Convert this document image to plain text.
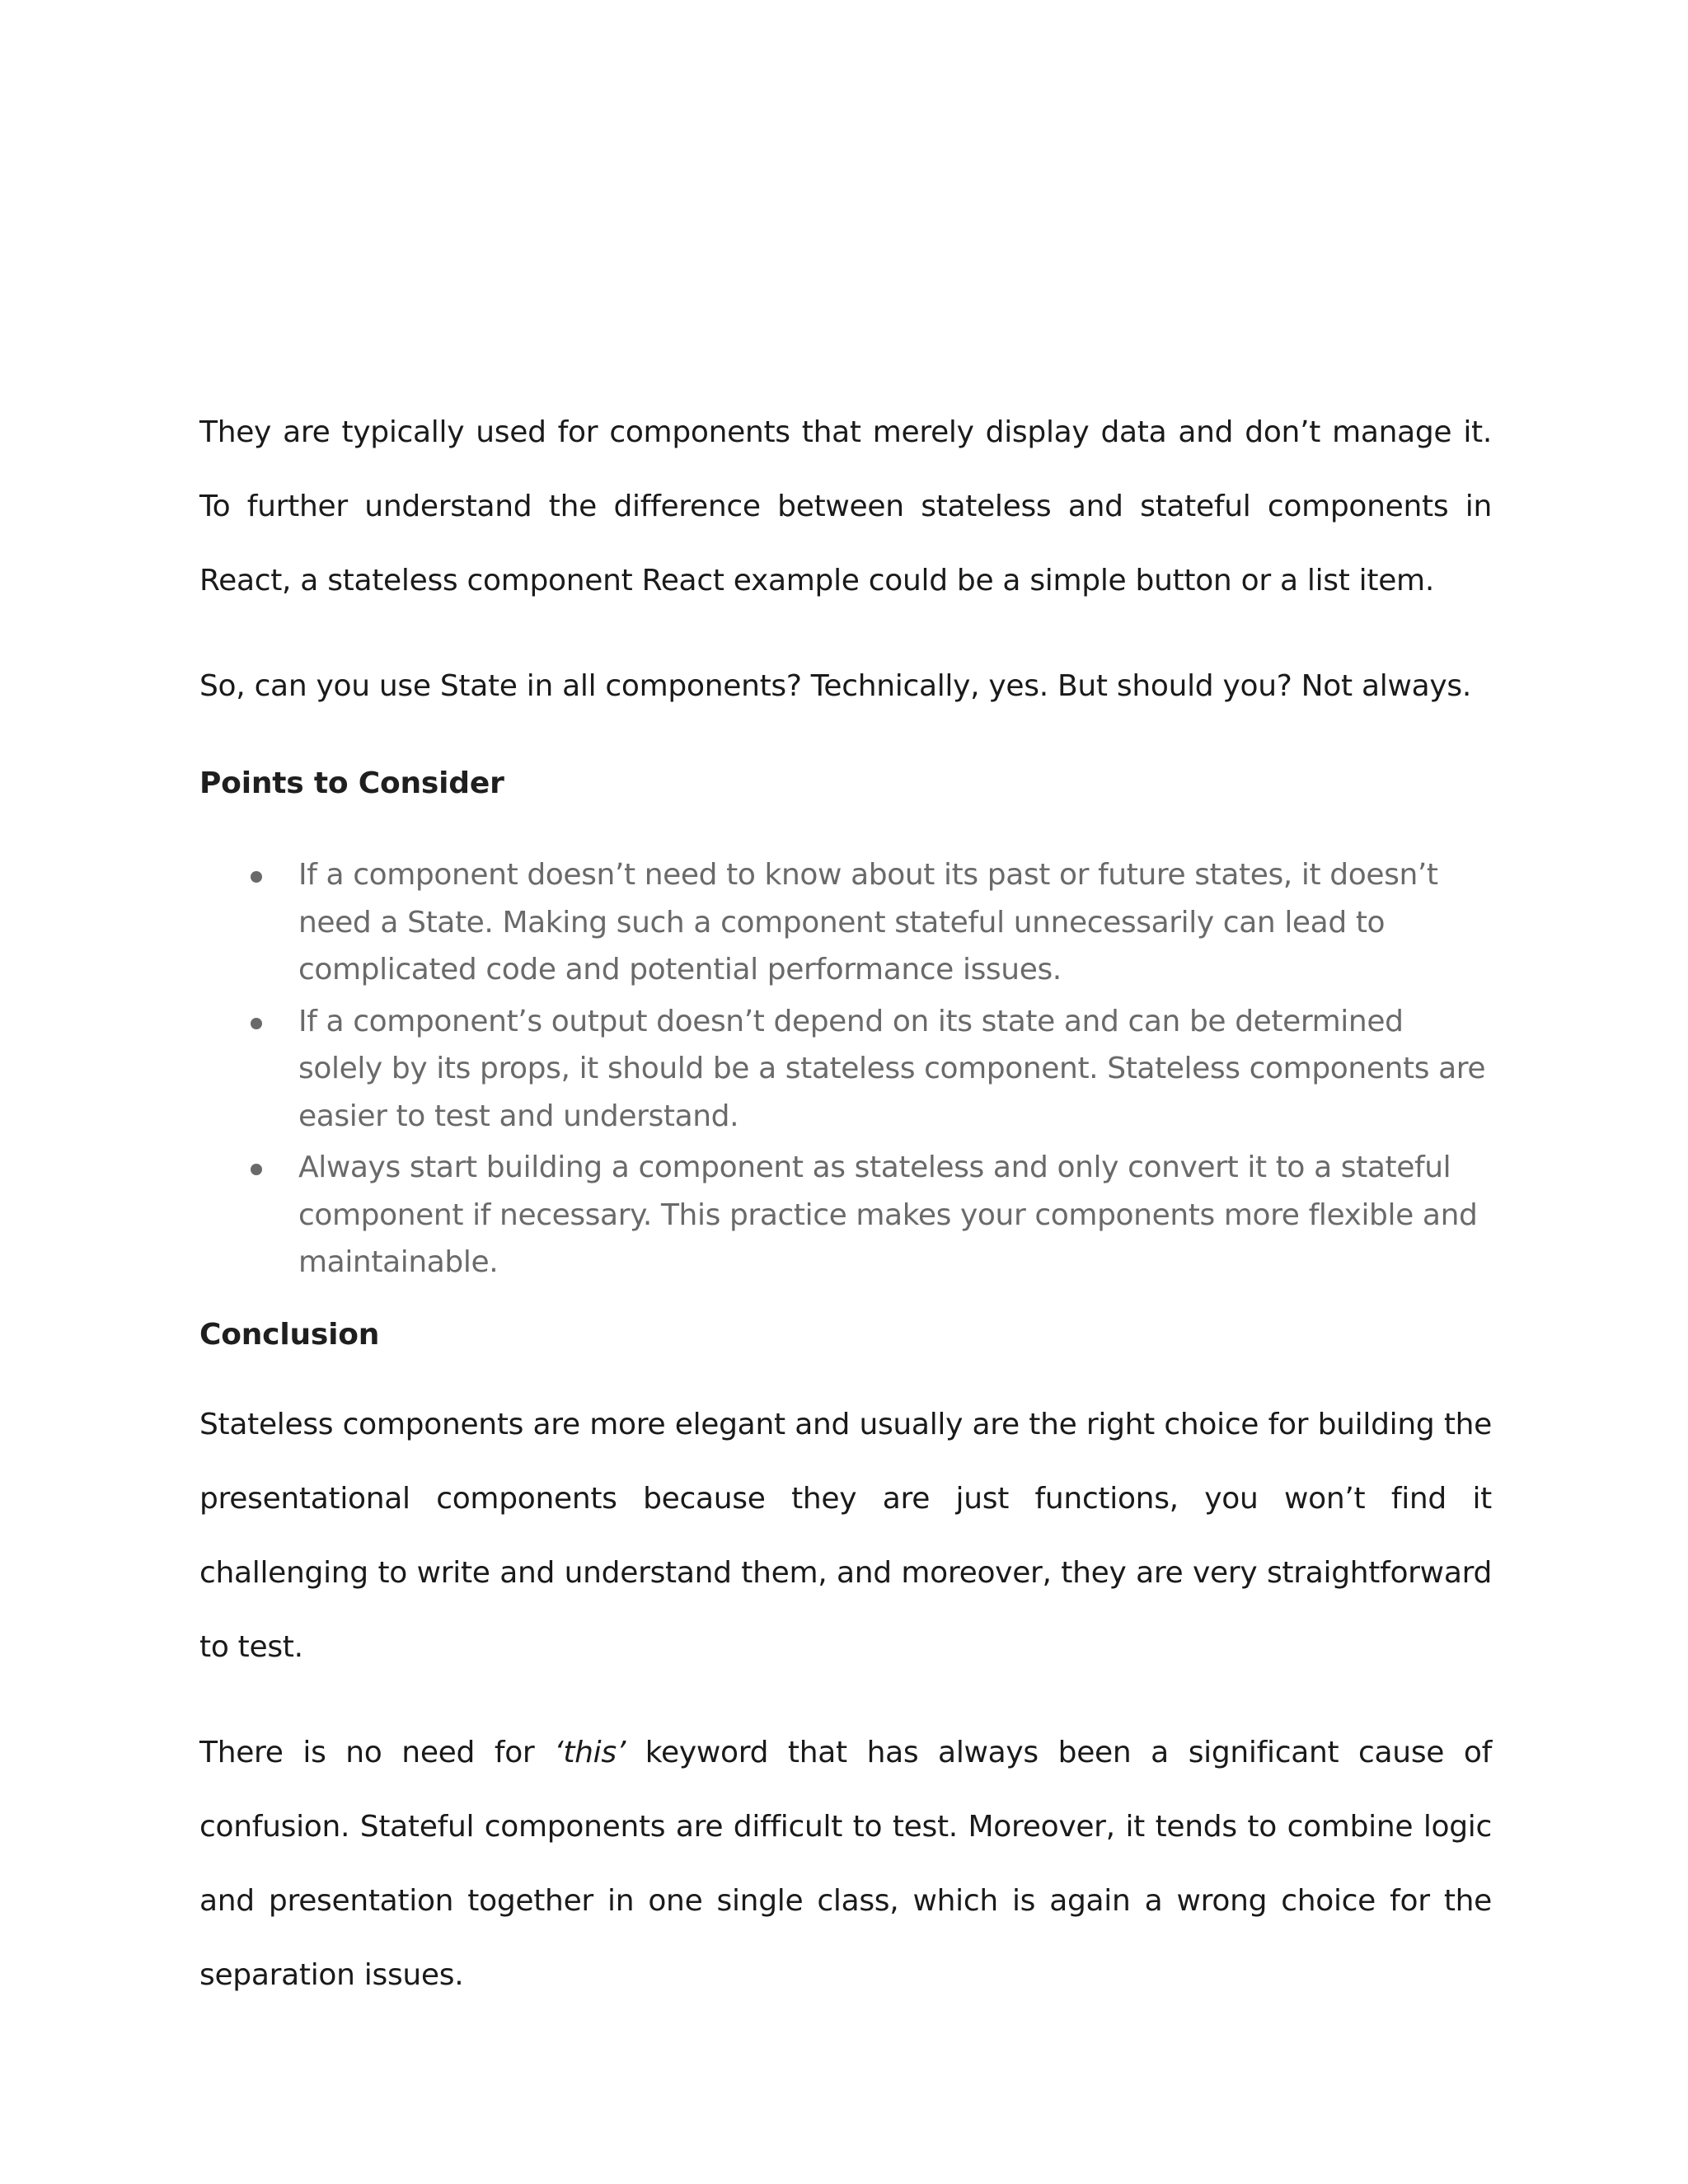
They are typically used for components that merely display data and don’t manage it. To further understand the difference between stateless and stateful components in React, a stateless component React example could be a simple button or a list item.

So, can you use State in all components? Technically, yes. But should you? Not always.

Points to Consider
If a component doesn’t need to know about its past or future states, it doesn’t need a State. Making such a component stateful unnecessarily can lead to complicated code and potential performance issues.
If a component’s output doesn’t depend on its state and can be determined solely by its props, it should be a stateless component. Stateless components are easier to test and understand.
Always start building a component as stateless and only convert it to a stateful component if necessary. This practice makes your components more flexible and maintainable.
Conclusion

Stateless components are more elegant and usually are the right choice for building the presentational components because they are just functions, you won’t find it challenging to write and understand them, and moreover, they are very straightforward to test.

There is no need for ‘this’ keyword that has always been a significant cause of confusion. Stateful components are difficult to test. Moreover, it tends to combine logic and presentation together in one single class, which is again a wrong choice for the separation issues.
